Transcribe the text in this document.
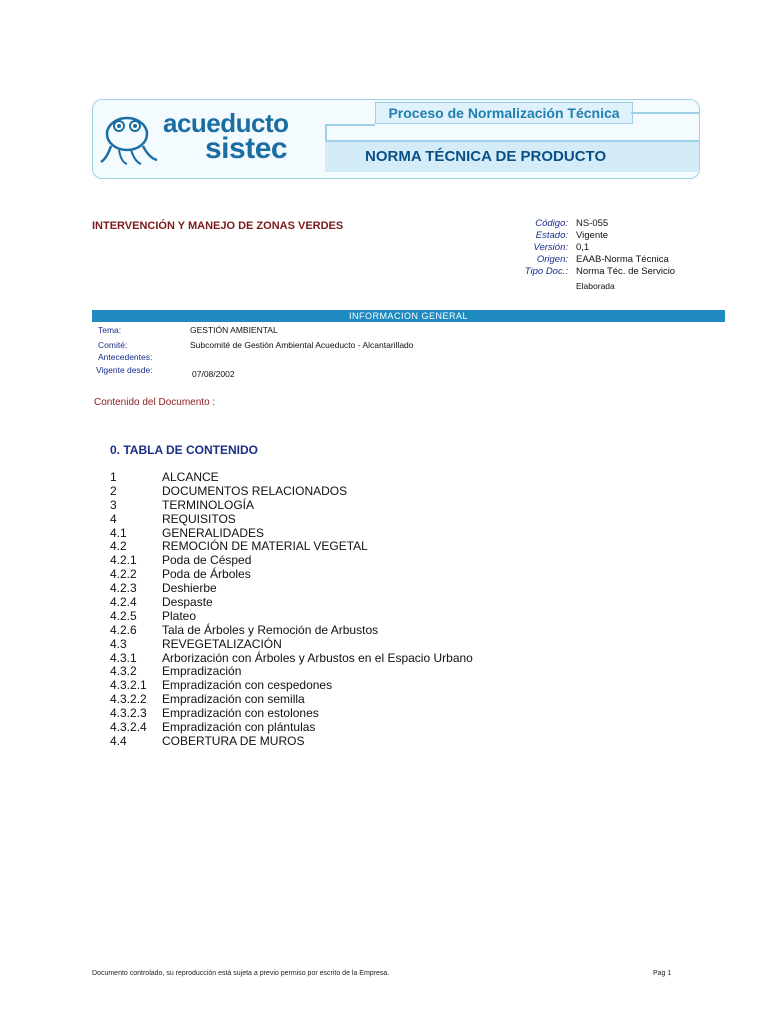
acueducto
sistec
Proceso de Normalización Técnica
NORMA TÉCNICA DE PRODUCTO
INTERVENCIÓN Y MANEJO DE ZONAS VERDES	Código: NS-055
Estado: Vigente
Versión: 0,1
Origen: EAAB-Norma Técnica
Tipo Doc.: Norma Téc. de Servicio
Elaborada
INFORMACION GENERAL
Tema:	GESTIÓN AMBIENTAL
Comité:	Subcomité de Gestión Ambiental Acueducto - Alcantarillado
Antecedentes:
Vigente desde:	07/08/2002
Contenido del Documento :
0. TABLA DE CONTENIDO
1	ALCANCE
2	DOCUMENTOS RELACIONADOS
3	TERMINOLOGÍA
4	REQUISITOS
4.1	GENERALIDADES
4.2	REMOCIÓN DE MATERIAL VEGETAL
4.2.1 Poda de Césped
4.2.2 Poda de Árboles
4.2.3 Deshierbe
4.2.4 Despaste
4.2.5 Plateo
4.2.6 Tala de Árboles y Remoción de Arbustos
4.3	REVEGETALIZACIÓN
4.3.1 Arborización con Árboles y Arbustos en el Espacio Urbano
4.3.2 Empradización
4.3.2.1 Empradización con cespedones
4.3.2.2 Empradización con semilla
4.3.2.3 Empradización con estolones
4.3.2.4 Empradización con plántulas
4.4	COBERTURA DE MUROS
Documento controlado, su reproducción está sujeta a previo permiso por escrito de la Empresa.	Pag 1
